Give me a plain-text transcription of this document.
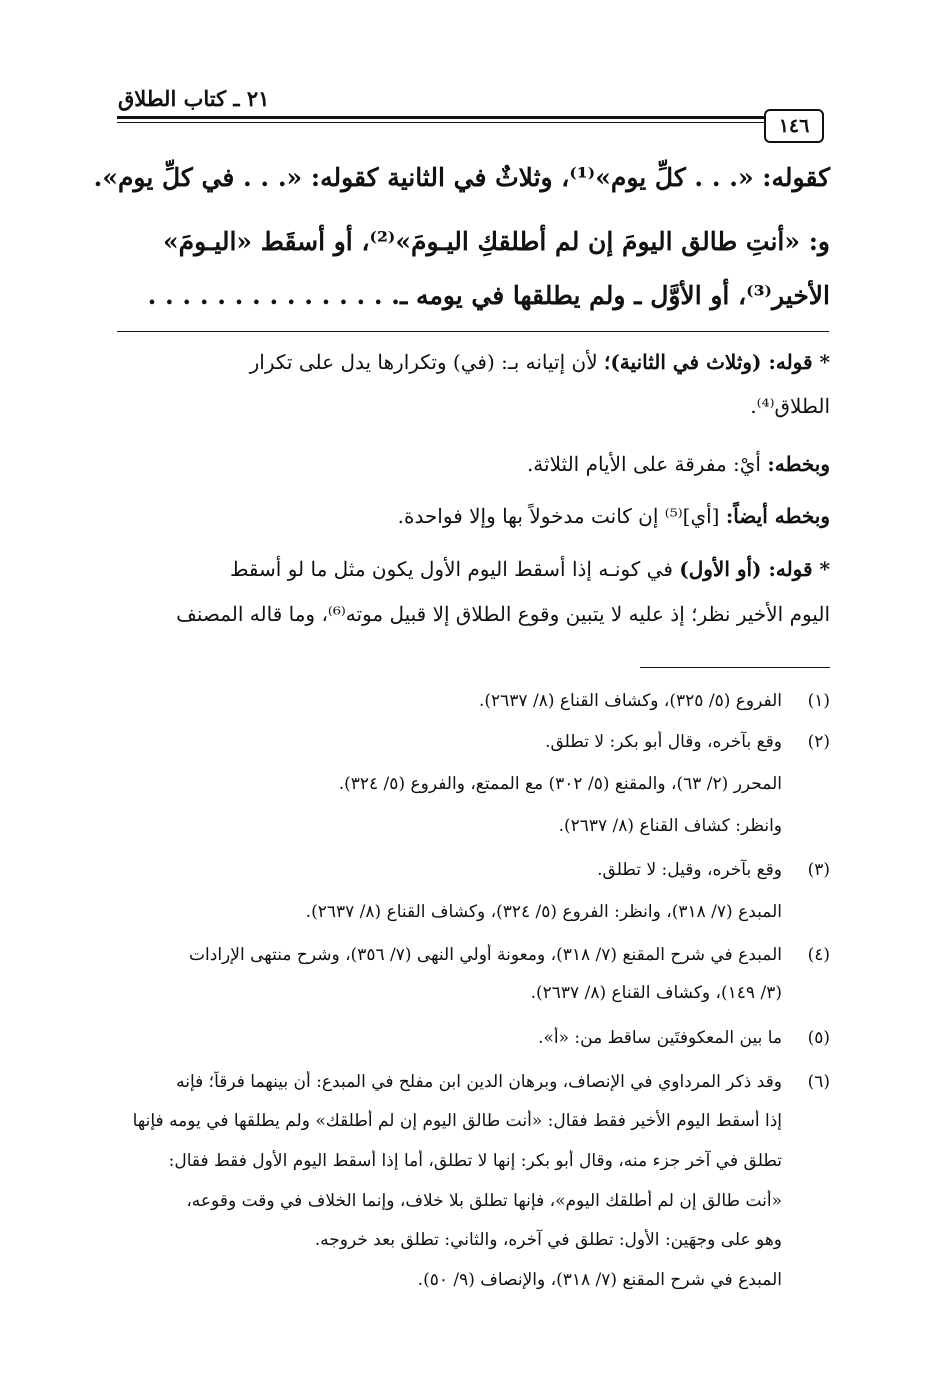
٢١ ـ كتاب الطلاق
١٤٦
كقوله: «. . . كلِّ يوم»⁽¹⁾، وثلاثٌ في الثانية كقوله: «. . . في كلِّ يوم».
و: «أنتِ طالق اليومَ إن لم أطلقكِ اليـومَ»⁽²⁾، أو أسقَط «اليـومَ»
الأخير⁽³⁾، أو الأوَّل ـ ولم يطلقها في يومه ـ. . . . . . . . . . . . . . .
* قوله: (وثلاث في الثانية)؛ لأن إتيانه بـ: (في) وتكرارها يدل على تكرار
الطلاق⁽⁴⁾.
وبخطه: أيْ: مفرقة على الأيام الثلاثة.
وبخطه أيضاً: [أي]⁽⁵⁾ إن كانت مدخولاً بها وإلا فواحدة.
* قوله: (أو الأول) في كونـه إذا أسقط اليوم الأول يكون مثل ما لو أسقط
اليوم الأخير نظر؛ إذ عليه لا يتبين وقوع الطلاق إلا قبيل موته⁽⁶⁾، وما قاله المصنف
(١)
الفروع (٥/ ٣٢٥)، وكشاف القناع (٨/ ٢٦٣٧).
(٢)
وقع بآخره، وقال أبو بكر: لا تطلق.
المحرر (٢/ ٦٣)، والمقنع (٥/ ٣٠٢) مع الممتع، والفروع (٥/ ٣٢٤).
وانظر: كشاف القناع (٨/ ٢٦٣٧).
(٣)
وقع بآخره، وقيل: لا تطلق.
المبدع (٧/ ٣١٨)، وانظر: الفروع (٥/ ٣٢٤)، وكشاف القناع (٨/ ٢٦٣٧).
(٤)
المبدع في شرح المقنع (٧/ ٣١٨)، ومعونة أولي النهى (٧/ ٣٥٦)، وشرح منتهى الإرادات
(٣/ ١٤٩)، وكشاف القناع (٨/ ٢٦٣٧).
(٥)
ما بين المعكوفتَين ساقط من: «أ».
(٦)
وقد ذكر المرداوي في الإنصاف، وبرهان الدين ابن مفلح في المبدع: أن بينهما فرقاً؛ فإنه
إذا أسقط اليوم الأخير فقط فقال: «أنت طالق اليوم إن لم أطلقك» ولم يطلقها في يومه فإنها
تطلق في آخر جزء منه، وقال أبو بكر: إنها لا تطلق، أما إذا أسقط اليوم الأول فقط فقال:
«أنت طالق إن لم أطلقك اليوم»، فإنها تطلق بلا خلاف، وإنما الخلاف في وقت وقوعه،
وهو على وجهَين: الأول: تطلق في آخره، والثاني: تطلق بعد خروجه.
المبدع في شرح المقنع (٧/ ٣١٨)، والإنصاف (٩/ ٥٠).
